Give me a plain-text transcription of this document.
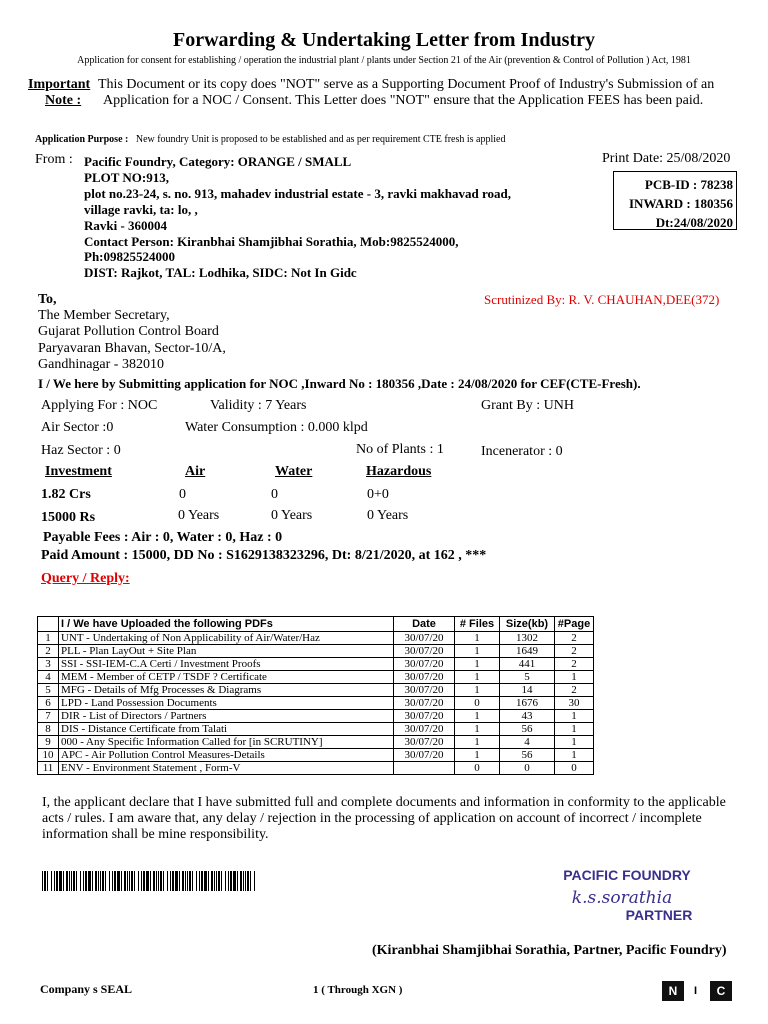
Forwarding & Undertaking Letter from Industry
Application for consent for establishing / operation the industrial plant / plants under Section 21 of the Air (prevention & Control of Pollution ) Act, 1981
Important
Note :
This Document or its copy does "NOT" serve as a Supporting Document Proof of Industry's Submission of an
Application for a NOC / Consent. This Letter does "NOT" ensure that the Application FEES has been paid.
Application Purpose : New foundry Unit is proposed to be established and as per requirement CTE fresh is applied
From : Pacific Foundry, Category: ORANGE / SMALL
PLOT NO:913,
plot no.23-24, s. no. 913, mahadev industrial estate - 3, ravki makhavad road,
village ravki, ta: lo, ,
Ravki - 360004
Contact Person: Kiranbhai Shamjibhai Sorathia, Mob:9825524000,
Ph:09825524000
DIST: Rajkot, TAL: Lodhika, SIDC: Not In Gidc
Print Date: 25/08/2020
PCB-ID : 78238
INWARD : 180356
Dt:24/08/2020
To,
The Member Secretary,
Gujarat Pollution Control Board
Paryavaran Bhavan, Sector-10/A,
Gandhinagar - 382010
Scrutinized By: R. V. CHAUHAN,DEE(372)
I / We here by Submitting application for NOC ,Inward No : 180356 ,Date : 24/08/2020 for CEF(CTE-Fresh).
Applying For : NOC	Validity : 7 Years	Grant By : UNH
Air Sector :0	Water Consumption : 0.000 klpd
Haz Sector : 0	No of Plants : 1	Incenerator : 0
Investment	Air	Water	Hazardous
1.82 Crs	0	0	0+0
15000 Rs	0 Years	0 Years	0 Years
Payable Fees : Air : 0, Water : 0, Haz : 0
Paid Amount : 15000, DD No : S1629138323296, Dt: 8/21/2020, at 162 , ***
Query / Reply:
	I / We have Uploaded the following PDFs	Date	# Files	Size(kb)	#Page
1	UNT - Undertaking of Non Applicability of Air/Water/Haz	30/07/20	1	1302	2
2	PLL - Plan LayOut + Site Plan	30/07/20	1	1649	2
3	SSI - SSI-IEM-C.A Certi / Investment Proofs	30/07/20	1	441	2
4	MEM - Member of CETP / TSDF ? Certificate	30/07/20	1	5	1
5	MFG - Details of Mfg Processes & Diagrams	30/07/20	1	14	2
6	LPD - Land Possession Documents	30/07/20	0	1676	30
7	DIR - List of Directors / Partners	30/07/20	1	43	1
8	DIS - Distance Certificate from Talati	30/07/20	1	56	1
9	000 - Any Specific Information Called for [in SCRUTINY]	30/07/20	1	4	1
10	APC - Air Pollution Control Measures-Details	30/07/20	1	56	1
11	ENV - Environment Statement , Form-V		0	0	0
I, the applicant declare that I have submitted full and complete documents and information in conformity to the applicable acts / rules. I am aware that, any delay / rejection in the processing of application on account of incorrect / incomplete information shall be mine responsibility.
PACIFIC FOUNDRY
k.s.sorathia
PARTNER
(Kiranbhai Shamjibhai Sorathia, Partner, Pacific Foundry)
Company s SEAL	1 ( Through XGN )	N	I	C
